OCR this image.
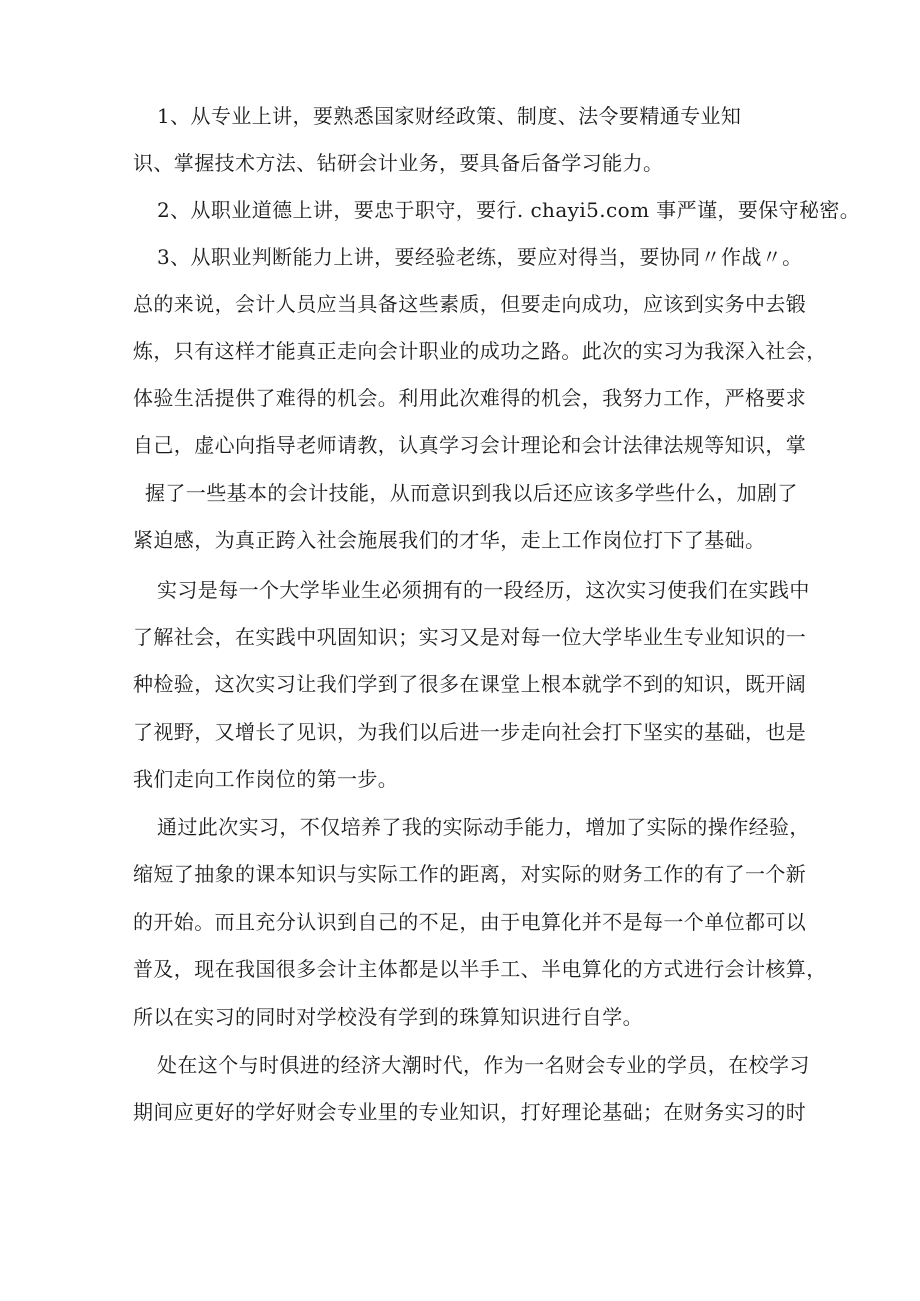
1、从专业上讲，要熟悉国家财经政策、制度、法令要精通专业知
识、掌握技术方法、钻研会计业务，要具备后备学习能力。
2、从职业道德上讲，要忠于职守，要行. chayi5.com 事严谨，要保守秘密。
3、从职业判断能力上讲，要经验老练，要应对得当，要协同〃作战〃。
总的来说，会计人员应当具备这些素质，但要走向成功，应该到实务中去锻
炼，只有这样才能真正走向会计职业的成功之路。此次的实习为我深入社会，
体验生活提供了难得的机会。利用此次难得的机会，我努力工作，严格要求
自己，虚心向指导老师请教，认真学习会计理论和会计法律法规等知识，掌
握了一些基本的会计技能，从而意识到我以后还应该多学些什么，加剧了
紧迫感，为真正跨入社会施展我们的才华，走上工作岗位打下了基础。
实习是每一个大学毕业生必须拥有的一段经历，这次实习使我们在实践中
了解社会，在实践中巩固知识；实习又是对每一位大学毕业生专业知识的一
种检验，这次实习让我们学到了很多在课堂上根本就学不到的知识，既开阔
了视野，又增长了见识，为我们以后进一步走向社会打下坚实的基础，也是
我们走向工作岗位的第一步。
通过此次实习，不仅培养了我的实际动手能力，增加了实际的操作经验，
缩短了抽象的课本知识与实际工作的距离，对实际的财务工作的有了一个新
的开始。而且充分认识到自己的不足，由于电算化并不是每一个单位都可以
普及，现在我国很多会计主体都是以半手工、半电算化的方式进行会计核算，
所以在实习的同时对学校没有学到的珠算知识进行自学。
处在这个与时俱进的经济大潮时代，作为一名财会专业的学员，在校学习
期间应更好的学好财会专业里的专业知识，打好理论基础；在财务实习的时
